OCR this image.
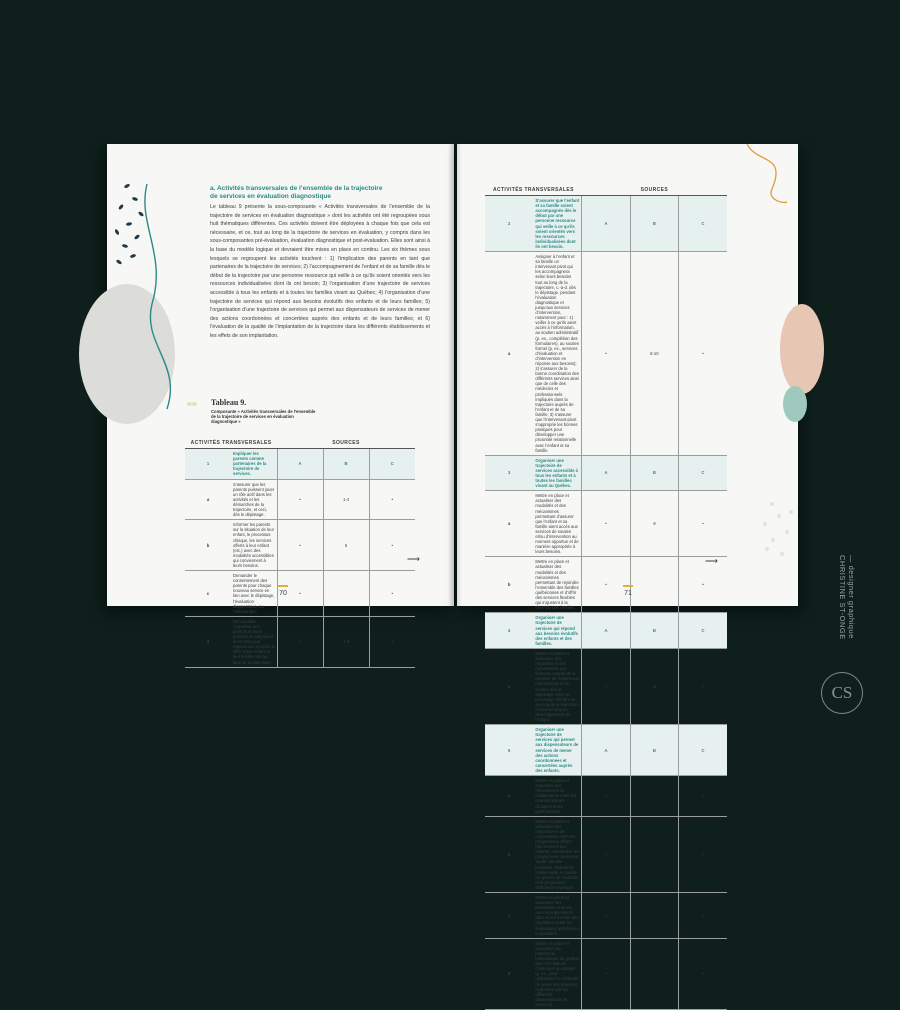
a. Activités transversales de l’ensemble de la trajectoire
de services en évaluation diagnostique
Le tableau 9 présente la sous-composante « Activités transversales de l’ensemble de la trajectoire de services en évaluation diagnostique » dont les activités ont été regroupées sous huit thématiques différentes. Ces activités doivent être déployées à chaque fois que cela est nécessaire, et ce, tout au long de la trajectoire de services en évaluation, y compris dans les sous-composantes pré-évaluation, évaluation diagnostique et post-évaluation. Elles sont ainsi à la base du modèle logique et devraient être mises en place en continu. Les six thèmes sous lesquels se regroupent les activités touchent : 1) l’implication des parents en tant que partenaires de la trajectoire de services; 2) l’accompagnement de l’enfant et de sa famille dès le début de la trajectoire par une personne ressource qui veille à ce qu’ils soient orientés vers les ressources individualisées dont ils ont besoin; 3) l’organisation d’une trajectoire de services accessible à tous les enfants et à toutes les familles vivant au Québec; 4) l’organisation d’une trajectoire de services qui répond aux besoins évolutifs des enfants et de leurs familles; 5) l’organisation d’une trajectoire de services qui permet aux dispensateurs de services de mener des actions coordonnées et concertées auprès des enfants et de leurs familles; et 6) l’évaluation de la qualité de l’implantation de la trajectoire dans les différents établissements et les effets de son implantation.
≈≈ Tableau 9.
Composante « Activités transversales de l’ensemble de la trajectoire de services en évaluation diagnostique »
ACTIVITÉS TRANSVERSALES		SOURCES		
1	Impliquer les parents comme partenaires de la trajectoire de services.	A	B	C
a	S’assurer que les parents puissent jouer un rôle actif dans les activités et les démarches de la trajectoire, et ceci, dès le dépistage.	•	1-4	•
b	Informer les parents sur la situation de leur enfant, le processus clinique, les services offerts à leur enfant (etc.) avec des modalités accessibles qui conviennent à leurs besoins.	•	5	•
c	Demander le consentement des parents pour chaque nouveau service en lien avec le dépistage, l’évaluation diagnostique, ou l’intervention.	•		•
d	Reconnaître l’expertise des parents et leurs priorités en valorisant leurs choix par rapport aux services à offrir à leur enfant et leur famille tout au long de la trajectoire.	•	1-3	•
⟶
70
ACTIVITÉS TRANSVERSALES		SOURCES		
2	S’assurer que l’enfant et sa famille soient accompagnés dès le début par une personne ressource qui veille à ce qu’ils soient orientés vers les ressources individualisées dont ils ont besoin.	A	B	C
a	Assigner à l’enfant et sa famille un intervenant pivot qui les accompagnera selon leurs besoins tout au long de la trajectoire, c.-à-d. dès le dépistage, pendant l’évaluation diagnostique et jusqu’aux services d’intervention, notamment pour : 1) veiller à ce qu’ils aient accès à l’information, au soutien administratif (p. ex., complétion des formulaires), au soutien formel (p. ex., services d’évaluation et d’intervention en réponse aux besoins); 2) s’assurer de la bonne coordination des différents services ainsi que de celle des médecins et professionnels impliqués dans la trajectoire auprès de l’enfant et de sa famille; 3) s’assurer que l’intervenant-pivot s’approprie les bonnes pratiques pour développer une proximité relationnelle avec l’enfant et sa famille.	•	6-10	•
3	Organiser une trajectoire de services accessible à tous les enfants et à toutes les familles vivant au Québec.	A	B	C
a	Mettre en place et actualiser des modalités et des mécanismes permettant d’assurer que l’enfant et sa famille aient accès aux services de soutien et/ou d’intervention au moment opportun et de manière appropriée à leurs besoins.	•	9	•
b	Mettre en place et actualiser des modalités et des mécanismes permettant de rejoindre l’ensemble des familles québécoises et d’offrir des services flexibles qui s’ajustent à la diversité des familles.	•		•
4	Organiser une trajectoire de services qui répond aux besoins évolutifs des enfants et des familles.	A	B	C
a	Mettre en place et actualiser des modalités et des mécanismes qui tiennent compte de la réponse de l’enfant aux interventions et au soutien dès le dépistage selon un processus itératif tout au long de la trajectoire et tout au long du développement de l’enfant.	•	9	•
5	Organiser une trajectoire de services qui permet aux dispensateurs de services de mener des actions coordonnées et concertées auprès des enfants.	A	B	C
a	Mettre en place et actualiser des mécanismes de collaboration entre les coordonnateurs cliniques et les gestionnaires.	•		•
b	Mettre en place et actualiser des mécanismes de concertation entre les programmes offrant des services aux enfants, notamment les programmes Jeunesse, Santé mentale jeunesse, Déficience intellectuelle et trouble du spectre de l’autisme et le programme Déficience physique.	•		•
c	Mettre en place et actualiser des procédures d’accès aux renseignements dans le but d’éviter des répétitions entre les évaluations antérieures et actuelles.	•		•
d	Mettre en place et actualiser une plateforme informatique de gestion des informations contenues au dossier (p. ex., pour uniformiser la méthode de saisie des données collectées par les différents dispensateurs de services).	•		•
⟶
71
— designer graphique
CHRISTINE ST-ONGE
CS
